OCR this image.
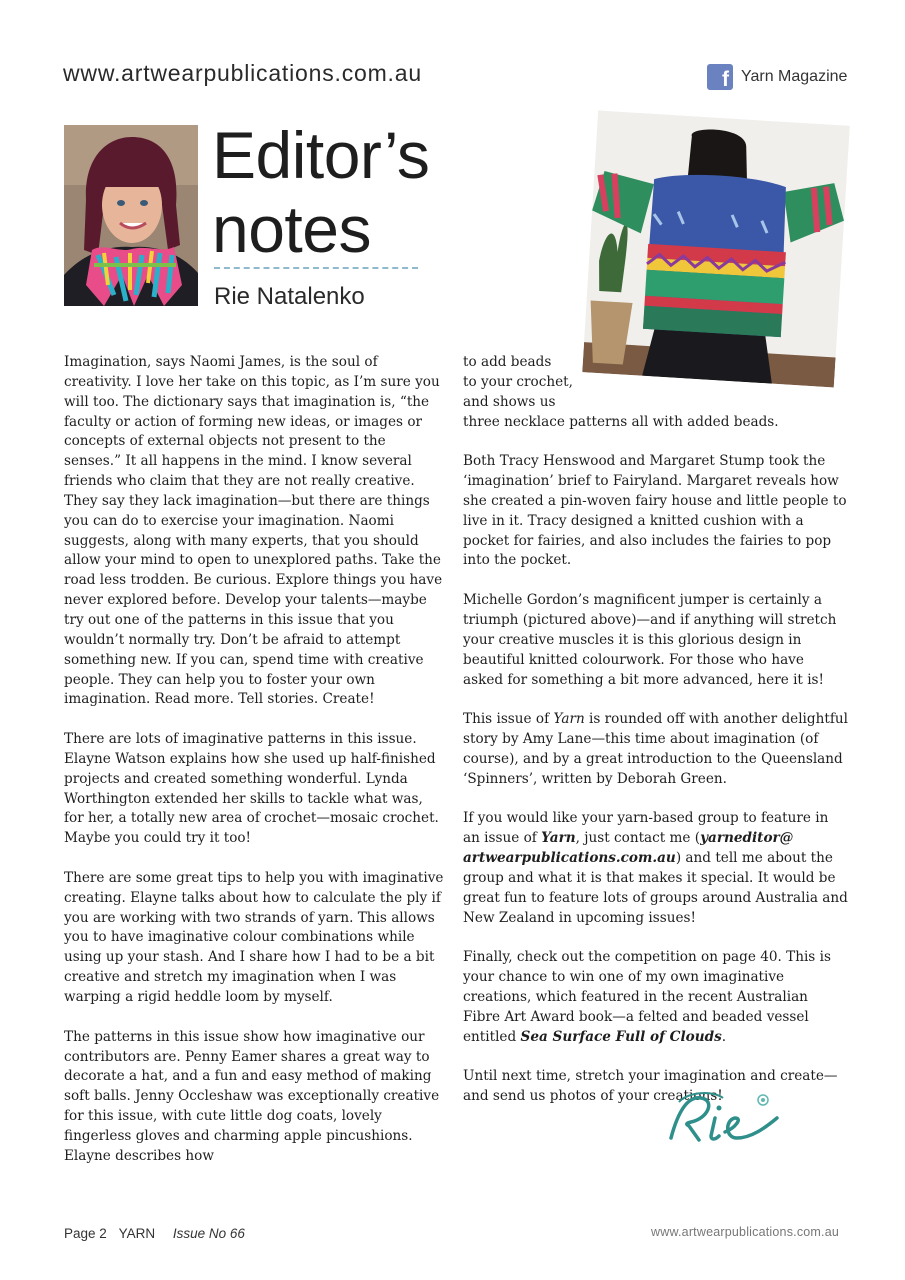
www.artwearpublications.com.au	f Yarn Magazine
Editor’s
notes
Rie Natalenko

Imagination, says Naomi James, is the soul of creativity. I love her take on this topic, as I’m sure you will too. The dictionary says that imagination is, “the faculty or action of forming new ideas, or images or concepts of external objects not present to the senses.” It all happens in the mind. I know several friends who claim that they are not really creative. They say they lack imagination—but there are things you can do to exercise your imagination. Naomi suggests, along with many experts, that you should allow your mind to open to unexplored paths. Take the road less trodden. Be curious. Explore things you have never explored before. Develop your talents—maybe try out one of the patterns in this issue that you wouldn’t normally try. Don’t be afraid to attempt something new. If you can, spend time with creative people. They can help you to foster your own imagination. Read more. Tell stories. Create!

There are lots of imaginative patterns in this issue. Elayne Watson explains how she used up half-finished projects and created something wonderful. Lynda Worthington extended her skills to tackle what was, for her, a totally new area of crochet—mosaic crochet. Maybe you could try it too!

There are some great tips to help you with imaginative creating. Elayne talks about how to calculate the ply if you are working with two strands of yarn. This allows you to have imaginative colour combinations while using up your stash. And I share how I had to be a bit creative and stretch my imagination when I was warping a rigid heddle loom by myself.

The patterns in this issue show how imaginative our contributors are. Penny Eamer shares a great way to decorate a hat, and a fun and easy method of making soft balls. Jenny Occleshaw was exceptionally creative for this issue, with cute little dog coats, lovely fingerless gloves and charming apple pincushions. Elayne describes how

to add beads
to your crochet,
and shows us
three necklace patterns all with added beads.

Both Tracy Henswood and Margaret Stump took the ‘imagination’ brief to Fairyland. Margaret reveals how she created a pin-woven fairy house and little people to live in it. Tracy designed a knitted cushion with a pocket for fairies, and also includes the fairies to pop into the pocket.

Michelle Gordon’s magnificent jumper is certainly a triumph (pictured above)—and if anything will stretch your creative muscles it is this glorious design in beautiful knitted colourwork. For those who have asked for something a bit more advanced, here it is!

This issue of Yarn is rounded off with another delightful story by Amy Lane—this time about imagination (of course), and by a great introduction to the Queensland ‘Spinners’, written by Deborah Green.

If you would like your yarn-based group to feature in an issue of Yarn, just contact me (yarneditor@ artwearpublications.com.au) and tell me about the group and what it is that makes it special. It would be great fun to feature lots of groups around Australia and New Zealand in upcoming issues!

Finally, check out the competition on page 40. This is your chance to win one of my own imaginative creations, which featured in the recent Australian Fibre Art Award book—a felted and beaded vessel entitled Sea Surface Full of Clouds.

Until next time, stretch your imagination and create—and send us photos of your creations!

Page 2 YARN Issue No 66	www.artwearpublications.com.au
